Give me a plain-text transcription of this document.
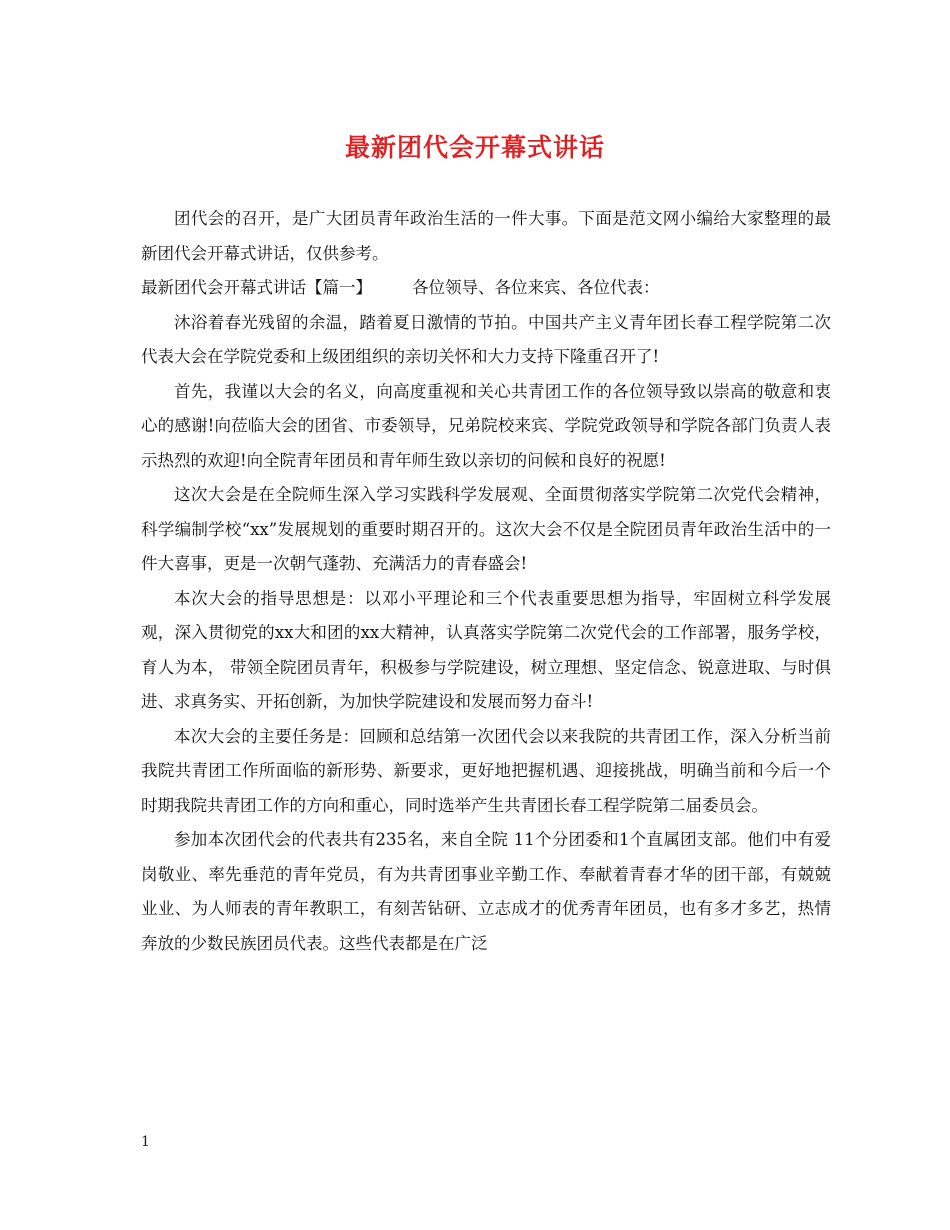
最新团代会开幕式讲话

团代会的召开，是广大团员青年政治生活的一件大事。下面是范文网小编给大家整理的最新团代会开幕式讲话，仅供参考。

最新团代会开幕式讲话【篇一】 各位领导、各位来宾、各位代表：

沐浴着春光残留的余温，踏着夏日激情的节拍。中国共产主义青年团长春工程学院第二次代表大会在学院党委和上级团组织的亲切关怀和大力支持下隆重召开了!

首先，我谨以大会的名义，向高度重视和关心共青团工作的各位领导致以崇高的敬意和衷心的感谢!向莅临大会的团省、市委领导，兄弟院校来宾、学院党政领导和学院各部门负责人表示热烈的欢迎!向全院青年团员和青年师生致以亲切的问候和良好的祝愿!

这次大会是在全院师生深入学习实践科学发展观、全面贯彻落实学院第二次党代会精神，科学编制学校“xx”发展规划的重要时期召开的。这次大会不仅是全院团员青年政治生活中的一件大喜事，更是一次朝气蓬勃、充满活力的青春盛会!

本次大会的指导思想是：以邓小平理论和三个代表重要思想为指导，牢固树立科学发展观，深入贯彻党的xx大和团的xx大精神，认真落实学院第二次党代会的工作部署，服务学校，育人为本， 带领全院团员青年，积极参与学院建设，树立理想、坚定信念、锐意进取、与时俱进、求真务实、开拓创新，为加快学院建设和发展而努力奋斗!

本次大会的主要任务是：回顾和总结第一次团代会以来我院的共青团工作，深入分析当前我院共青团工作所面临的新形势、新要求，更好地把握机遇、迎接挑战，明确当前和今后一个时期我院共青团工作的方向和重心，同时选举产生共青团长春工程学院第二届委员会。

参加本次团代会的代表共有235名，来自全院 11个分团委和1个直属团支部。他们中有爱岗敬业、率先垂范的青年党员，有为共青团事业辛勤工作、奉献着青春才华的团干部，有兢兢业业、为人师表的青年教职工，有刻苦钻研、立志成才的优秀青年团员，也有多才多艺，热情奔放的少数民族团员代表。这些代表都是在广泛

1
